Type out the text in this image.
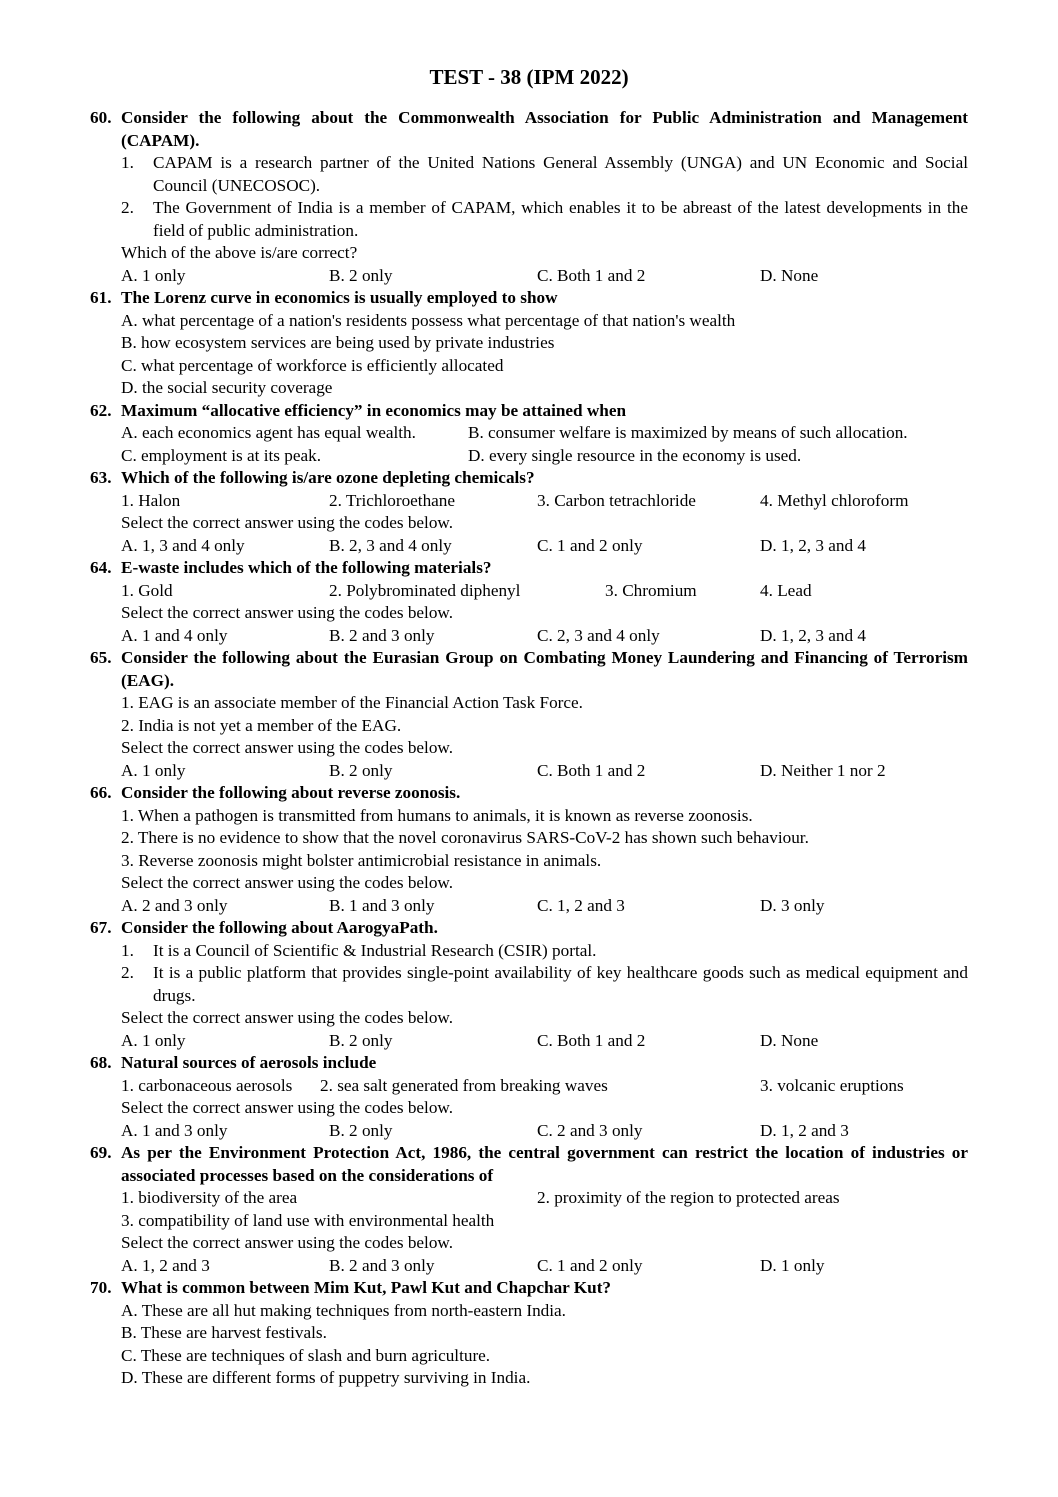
TEST - 38 (IPM 2022)
60. Consider the following about the Commonwealth Association for Public Administration and Management (CAPAM).
1. CAPAM is a research partner of the United Nations General Assembly (UNGA) and UN Economic and Social Council (UNECOSOC).
2. The Government of India is a member of CAPAM, which enables it to be abreast of the latest developments in the field of public administration.
Which of the above is/are correct?
A. 1 only	B. 2 only	C. Both 1 and 2	D. None
61. The Lorenz curve in economics is usually employed to show
A. what percentage of a nation's residents possess what percentage of that nation's wealth
B. how ecosystem services are being used by private industries
C. what percentage of workforce is efficiently allocated
D. the social security coverage
62. Maximum “allocative efficiency” in economics may be attained when
A. each economics agent has equal wealth.	B. consumer welfare is maximized by means of such allocation.
C. employment is at its peak.	D. every single resource in the economy is used.
63. Which of the following is/are ozone depleting chemicals?
1. Halon	2. Trichloroethane	3. Carbon tetrachloride	4. Methyl chloroform
Select the correct answer using the codes below.
A. 1, 3 and 4 only	B. 2, 3 and 4 only	C. 1 and 2 only	D. 1, 2, 3 and 4
64. E-waste includes which of the following materials?
1. Gold	2. Polybrominated diphenyl	3. Chromium	4. Lead
Select the correct answer using the codes below.
A. 1 and 4 only	B. 2 and 3 only	C. 2, 3 and 4 only	D. 1, 2, 3 and 4
65. Consider the following about the Eurasian Group on Combating Money Laundering and Financing of Terrorism (EAG).
1. EAG is an associate member of the Financial Action Task Force.
2. India is not yet a member of the EAG.
Select the correct answer using the codes below.
A. 1 only	B. 2 only	C. Both 1 and 2	D. Neither 1 nor 2
66. Consider the following about reverse zoonosis.
1. When a pathogen is transmitted from humans to animals, it is known as reverse zoonosis.
2. There is no evidence to show that the novel coronavirus SARS-CoV-2 has shown such behaviour.
3. Reverse zoonosis might bolster antimicrobial resistance in animals.
Select the correct answer using the codes below.
A. 2 and 3 only	B. 1 and 3 only	C. 1, 2 and 3	D. 3 only
67. Consider the following about AarogyaPath.
1. It is a Council of Scientific & Industrial Research (CSIR) portal.
2. It is a public platform that provides single-point availability of key healthcare goods such as medical equipment and drugs.
Select the correct answer using the codes below.
A. 1 only	B. 2 only	C. Both 1 and 2	D. None
68. Natural sources of aerosols include
1. carbonaceous aerosols 2. sea salt generated from breaking waves	3. volcanic eruptions
Select the correct answer using the codes below.
A. 1 and 3 only	B. 2 only	C. 2 and 3 only	D. 1, 2 and 3
69. As per the Environment Protection Act, 1986, the central government can restrict the location of industries or associated processes based on the considerations of
1. biodiversity of the area	2. proximity of the region to protected areas
3. compatibility of land use with environmental health
Select the correct answer using the codes below.
A. 1, 2 and 3	B. 2 and 3 only	C. 1 and 2 only	D. 1 only
70. What is common between Mim Kut, Pawl Kut and Chapchar Kut?
A. These are all hut making techniques from north-eastern India.
B. These are harvest festivals.
C. These are techniques of slash and burn agriculture.
D. These are different forms of puppetry surviving in India.
